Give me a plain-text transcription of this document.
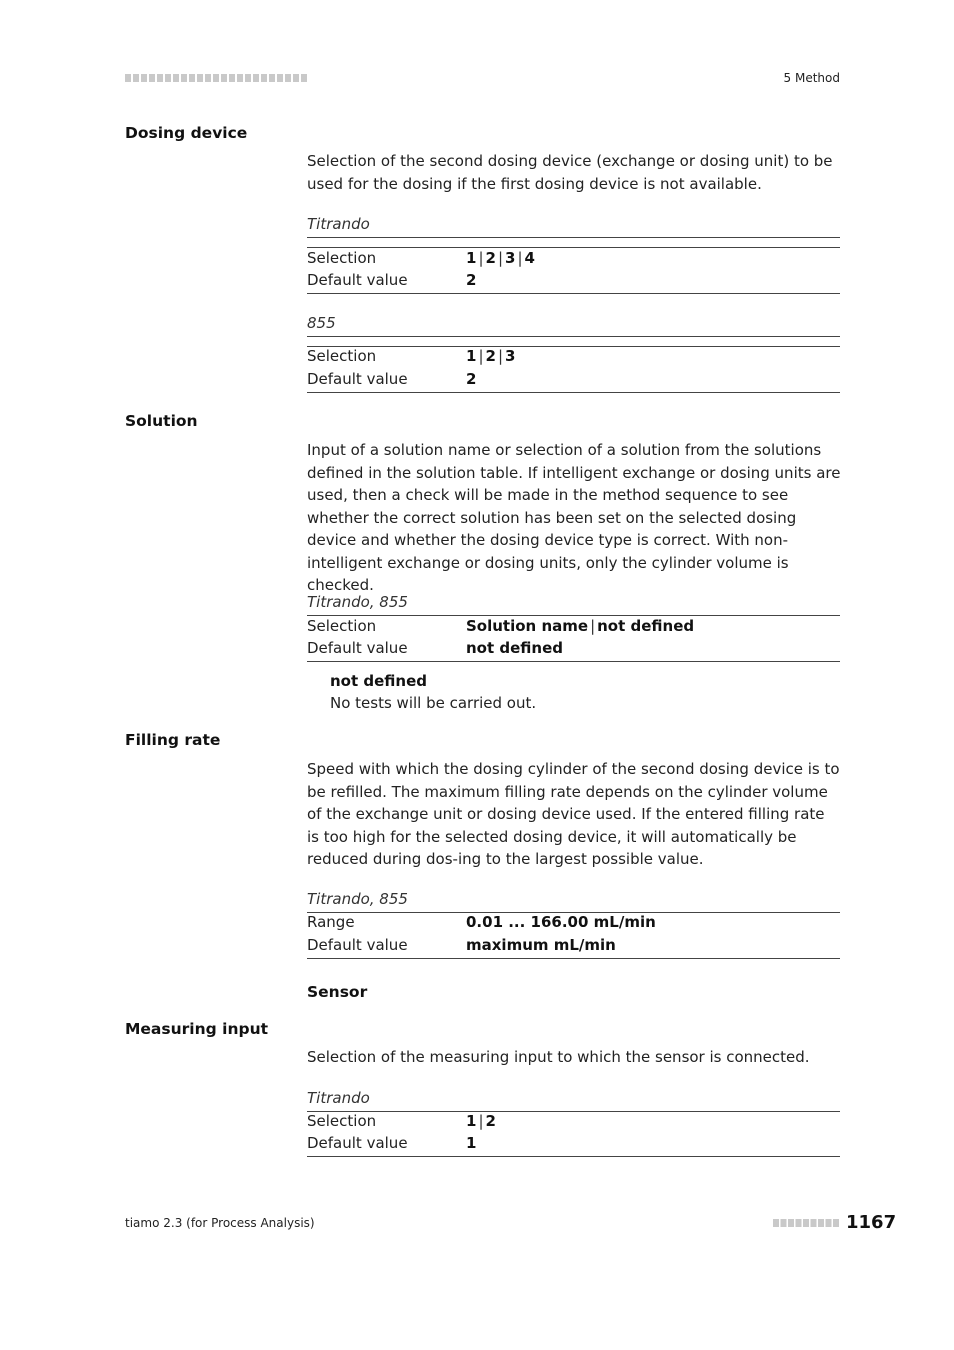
5 Method
Dosing device
Selection of the second dosing device (exchange or dosing unit) to be used for the dosing if the first dosing device is not available.
Titrando
Selection	1 | 2 | 3 | 4
Default value	2
855
Selection	1 | 2 | 3
Default value	2
Solution
Input of a solution name or selection of a solution from the solutions defined in the solution table. If intelligent exchange or dosing units are used, then a check will be made in the method sequence to see whether the correct solution has been set on the selected dosing device and whether the dosing device type is correct. With non-intelligent exchange or dosing units, only the cylinder volume is checked.
Titrando, 855
Selection	Solution name | not defined
Default value	not defined
not defined
No tests will be carried out.
Filling rate
Speed with which the dosing cylinder of the second dosing device is to be refilled. The maximum filling rate depends on the cylinder volume of the exchange unit or dosing device used. If the entered filling rate is too high for the selected dosing device, it will automatically be reduced during dos-ing to the largest possible value.
Titrando, 855
Range	0.01 ... 166.00 mL/min
Default value	maximum mL/min
Sensor
Measuring input
Selection of the measuring input to which the sensor is connected.
Titrando
Selection	1 | 2
Default value	1
tiamo 2.3 (for Process Analysis)	1167
